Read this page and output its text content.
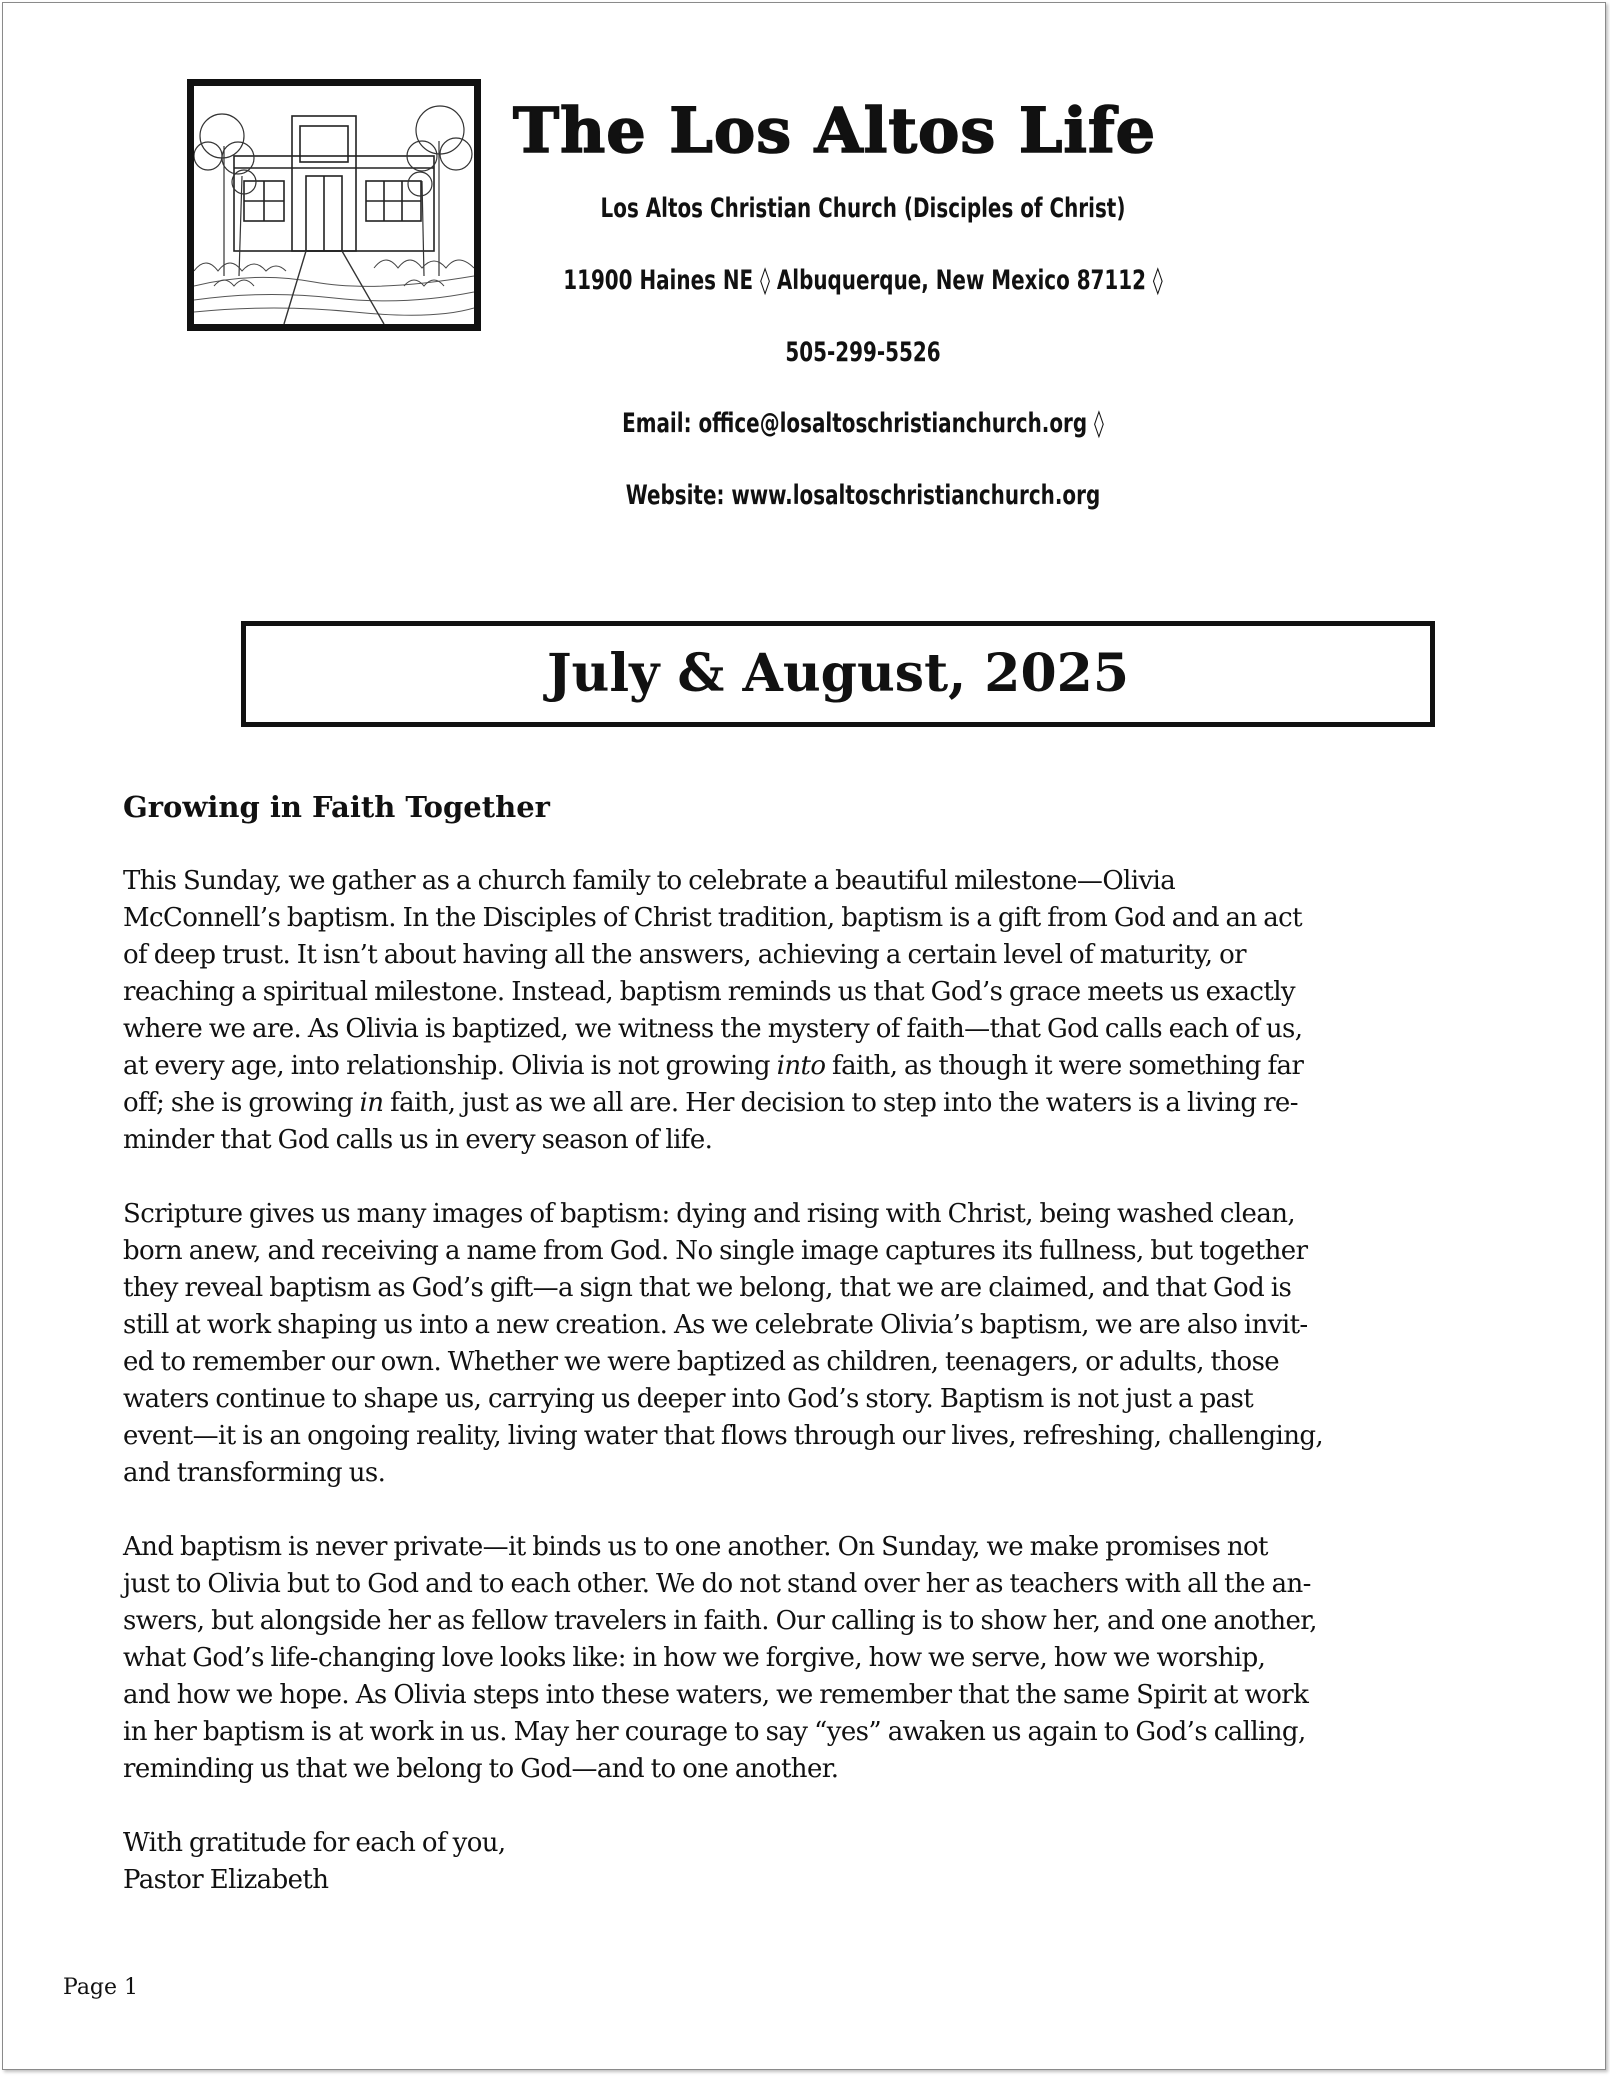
The Los Altos Life
Los Altos Christian Church (Disciples of Christ)
11900 Haines NE ◊ Albuquerque, New Mexico 87112 ◊
505-299-5526
Email: office@losaltoschristianchurch.org ◊
Website: www.losaltoschristianchurch.org
July & August, 2025
Growing in Faith Together

This Sunday, we gather as a church family to celebrate a beautiful milestone—Olivia
McConnell’s baptism. In the Disciples of Christ tradition, baptism is a gift from God and an act
of deep trust. It isn’t about having all the answers, achieving a certain level of maturity, or
reaching a spiritual milestone. Instead, baptism reminds us that God’s grace meets us exactly
where we are. As Olivia is baptized, we witness the mystery of faith—that God calls each of us,
at every age, into relationship. Olivia is not growing into faith, as though it were something far
off; she is growing in faith, just as we all are. Her decision to step into the waters is a living re-
minder that God calls us in every season of life.

Scripture gives us many images of baptism: dying and rising with Christ, being washed clean,
born anew, and receiving a name from God. No single image captures its fullness, but together
they reveal baptism as God’s gift—a sign that we belong, that we are claimed, and that God is
still at work shaping us into a new creation. As we celebrate Olivia’s baptism, we are also invit-
ed to remember our own. Whether we were baptized as children, teenagers, or adults, those
waters continue to shape us, carrying us deeper into God’s story. Baptism is not just a past
event—it is an ongoing reality, living water that flows through our lives, refreshing, challenging,
and transforming us.

And baptism is never private—it binds us to one another. On Sunday, we make promises not
just to Olivia but to God and to each other. We do not stand over her as teachers with all the an-
swers, but alongside her as fellow travelers in faith. Our calling is to show her, and one another,
what God’s life-changing love looks like: in how we forgive, how we serve, how we worship,
and how we hope. As Olivia steps into these waters, we remember that the same Spirit at work
in her baptism is at work in us. May her courage to say “yes” awaken us again to God’s calling,
reminding us that we belong to God—and to one another.

With gratitude for each of you,
Pastor Elizabeth

Page 1
